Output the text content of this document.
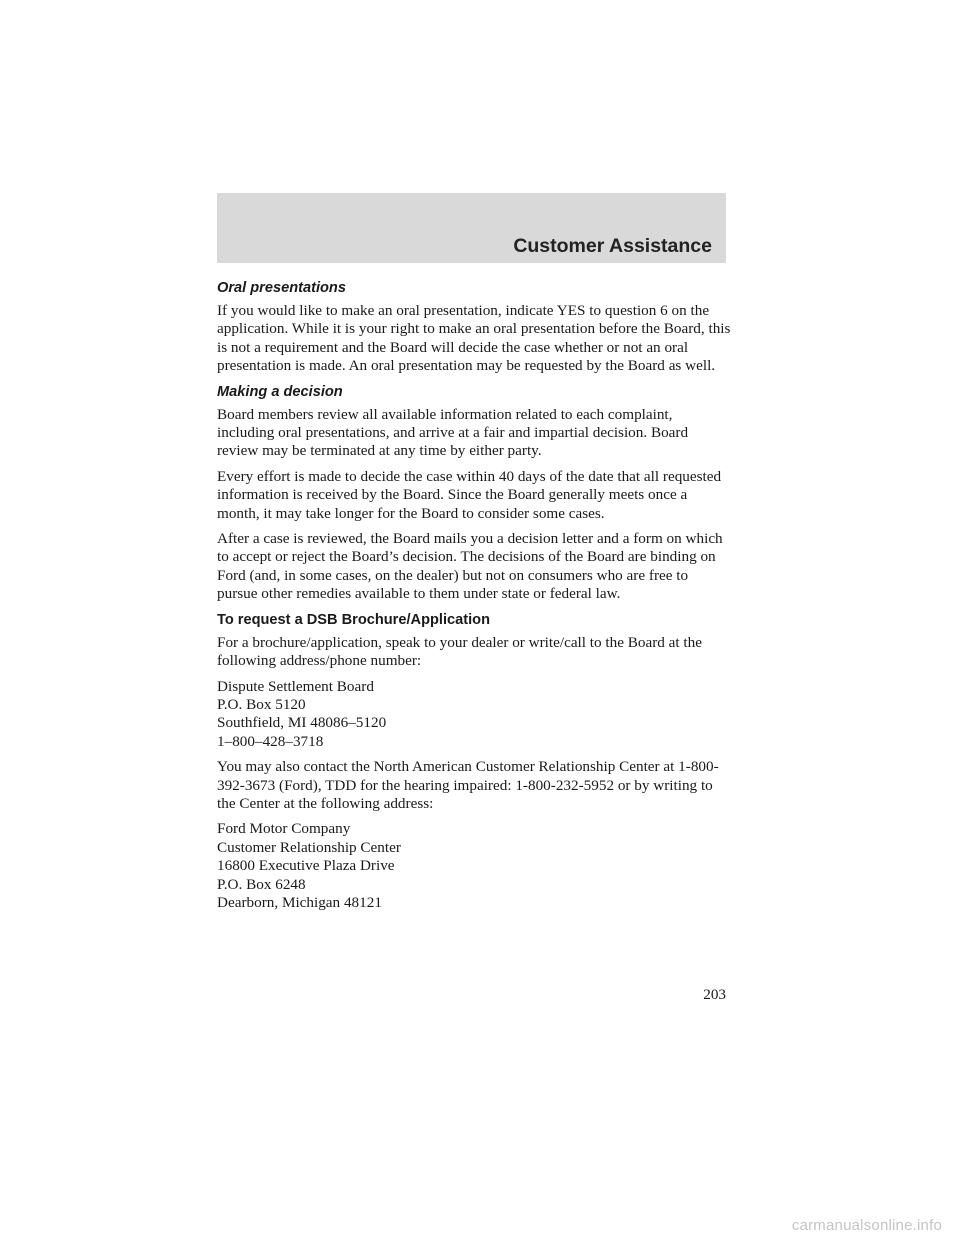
Customer Assistance
Oral presentations

If you would like to make an oral presentation, indicate YES to question 6 on the application. While it is your right to make an oral presentation before the Board, this is not a requirement and the Board will decide the case whether or not an oral presentation is made. An oral presentation may be requested by the Board as well.

Making a decision

Board members review all available information related to each complaint, including oral presentations, and arrive at a fair and impartial decision. Board review may be terminated at any time by either party.

Every effort is made to decide the case within 40 days of the date that all requested information is received by the Board. Since the Board generally meets once a month, it may take longer for the Board to consider some cases.

After a case is reviewed, the Board mails you a decision letter and a form on which to accept or reject the Board’s decision. The decisions of the Board are binding on Ford (and, in some cases, on the dealer) but not on consumers who are free to pursue other remedies available to them under state or federal law.

To request a DSB Brochure/Application

For a brochure/application, speak to your dealer or write/call to the Board at the following address/phone number:

Dispute Settlement Board
P.O. Box 5120
Southfield, MI 48086–5120
1–800–428–3718

You may also contact the North American Customer Relationship Center at 1-800-392-3673 (Ford), TDD for the hearing impaired: 1-800-232-5952 or by writing to the Center at the following address:

Ford Motor Company
Customer Relationship Center
16800 Executive Plaza Drive
P.O. Box 6248
Dearborn, Michigan 48121
203
carmanualsonline.info
